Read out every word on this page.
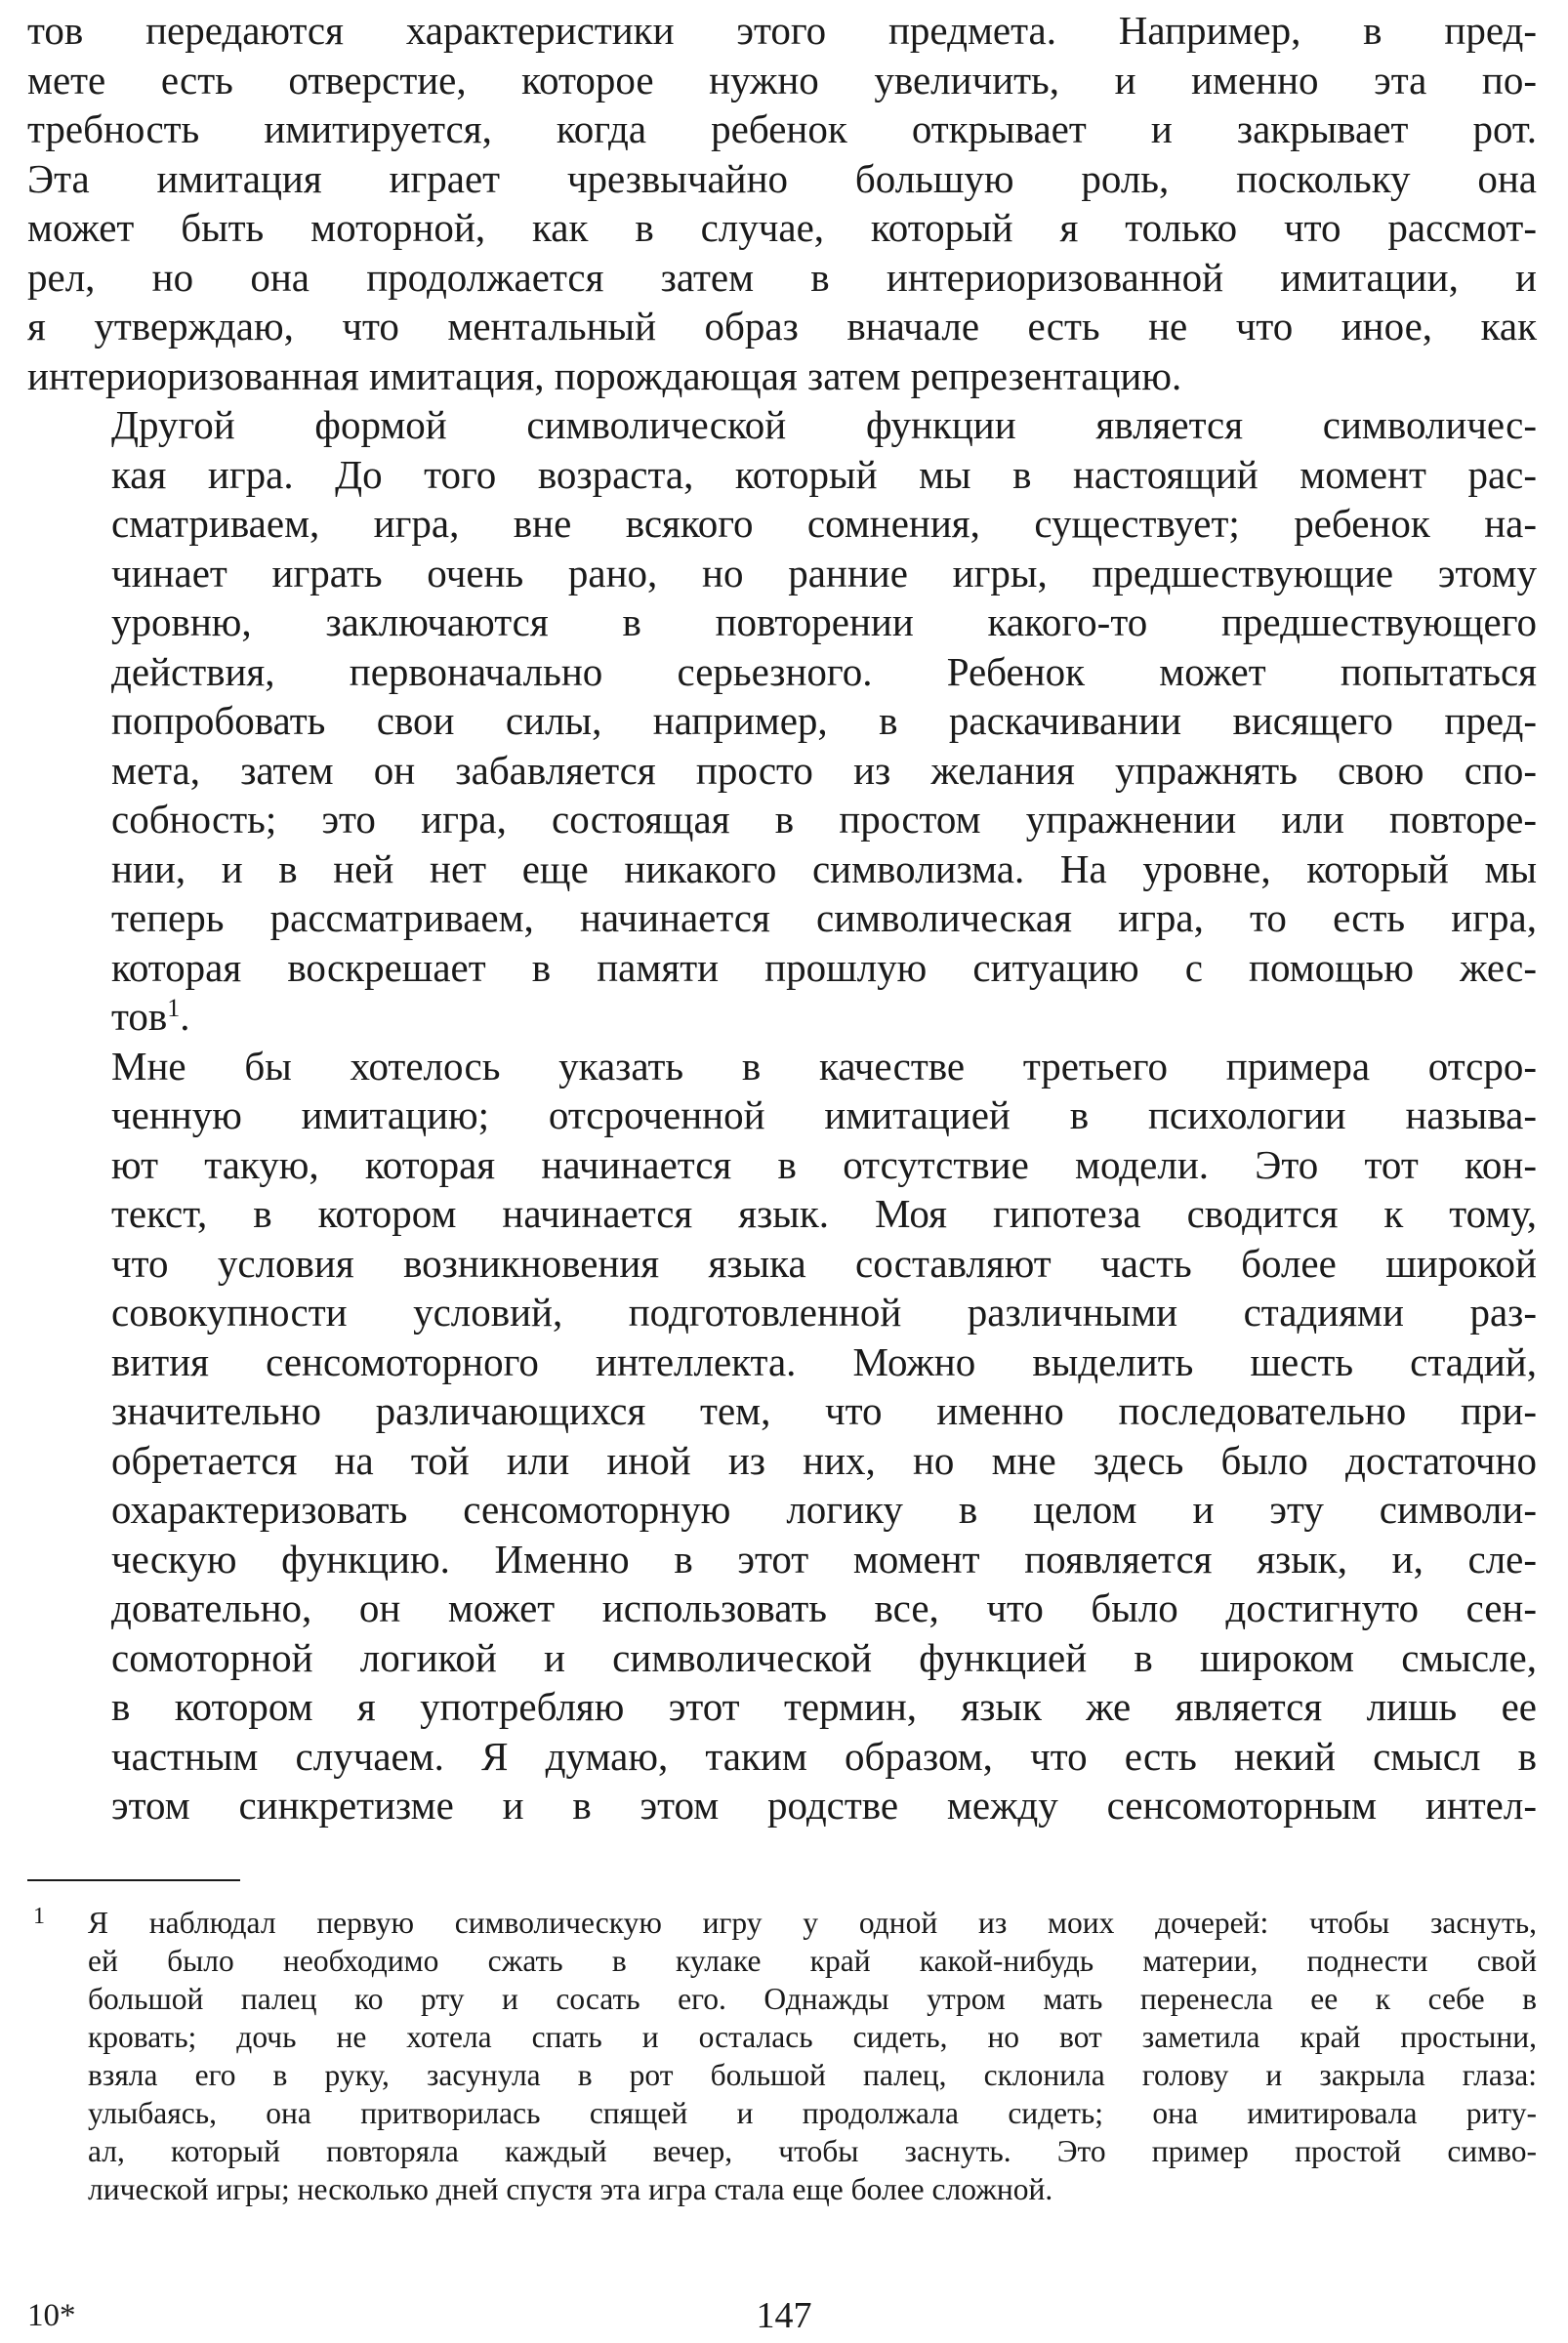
тов передаются характеристики этого предмета. Например, в пред-
мете есть отверстие, которое нужно увеличить, и именно эта по-
требность имитируется, когда ребенок открывает и закрывает рот.
Эта имитация играет чрезвычайно большую роль, поскольку она
может быть моторной, как в случае, который я только что рассмот-
рел, но она продолжается затем в интериоризованной имитации, и
я утверждаю, что ментальный образ вначале есть не что иное, как
интериоризованная имитация, порождающая затем репрезентацию.

Другой формой символической функции является символичес-
кая игра. До того возраста, который мы в настоящий момент рас-
сматриваем, игра, вне всякого сомнения, существует; ребенок на-
чинает играть очень рано, но ранние игры, предшествующие этому
уровню, заключаются в повторении какого-то предшествующего
действия, первоначально серьезного. Ребенок может попытаться
попробовать свои силы, например, в раскачивании висящего пред-
мета, затем он забавляется просто из желания упражнять свою спо-
собность; это игра, состоящая в простом упражнении или повторе-
нии, и в ней нет еще никакого символизма. На уровне, который мы
теперь рассматриваем, начинается символическая игра, то есть игра,
которая воскрешает в памяти прошлую ситуацию с помощью жес-
тов$^1$.

Мне бы хотелось указать в качестве третьего примера отсро-
ченную имитацию; отсроченной имитацией в психологии называ-
ют такую, которая начинается в отсутствие модели. Это тот кон-
текст, в котором начинается язык. Моя гипотеза сводится к тому,
что условия возникновения языка составляют часть более широкой
совокупности условий, подготовленной различными стадиями раз-
вития сенсомоторного интеллекта. Можно выделить шесть стадий,
значительно различающихся тем, что именно последовательно при-
обретается на той или иной из них, но мне здесь было достаточно
охарактеризовать сенсомоторную логику в целом и эту символи-
ческую функцию. Именно в этот момент появляется язык, и, сле-
довательно, он может использовать все, что было достигнуто сен-
сомоторной логикой и символической функцией в широком смысле,
в котором я употребляю этот термин, язык же является лишь ее
частным случаем. Я думаю, таким образом, что есть некий смысл в
этом синкретизме и в этом родстве между сенсомоторным интел-

1 Я наблюдал первую символическую игру у одной из моих дочерей: чтобы заснуть,
ей было необходимо сжать в кулаке край какой-нибудь материи, поднести свой
большой палец ко рту и сосать его. Однажды утром мать перенесла ее к себе в
кровать; дочь не хотела спать и осталась сидеть, но вот заметила край простыни,
взяла его в руку, засунула в рот большой палец, склонила голову и закрыла глаза:
улыбаясь, она притворилась спящей и продолжала сидеть; она имитировала риту-
ал, который повторяла каждый вечер, чтобы заснуть. Это пример простой симво-
лической игры; несколько дней спустя эта игра стала еще более сложной.
10*	147
